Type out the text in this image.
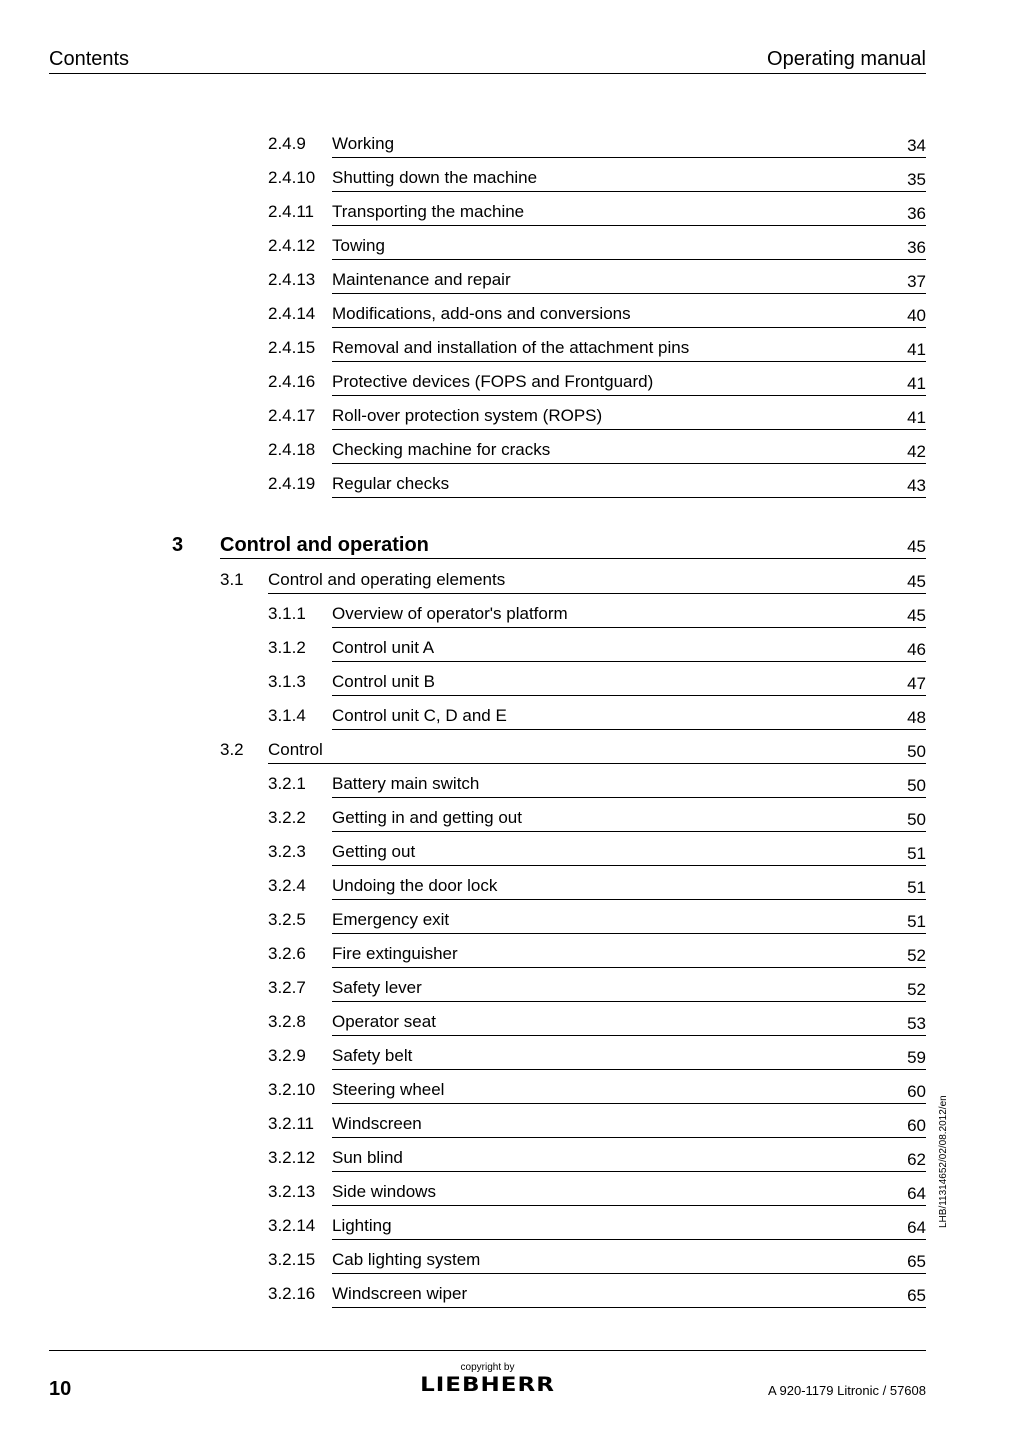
Contents	Operating manual
2.4.9 Working	34
2.4.10 Shutting down the machine	35
2.4.11 Transporting the machine	36
2.4.12 Towing	36
2.4.13 Maintenance and repair	37
2.4.14 Modifications, add-ons and conversions	40
2.4.15 Removal and installation of the attachment pins	41
2.4.16 Protective devices (FOPS and Frontguard)	41
2.4.17 Roll-over protection system (ROPS)	41
2.4.18 Checking machine for cracks	42
2.4.19 Regular checks	43
3 Control and operation	45
3.1 Control and operating elements	45
3.1.1 Overview of operator's platform	45
3.1.2 Control unit A	46
3.1.3 Control unit B	47
3.1.4 Control unit C, D and E	48
3.2 Control	50
3.2.1 Battery main switch	50
3.2.2 Getting in and getting out	50
3.2.3 Getting out	51
3.2.4 Undoing the door lock	51
3.2.5 Emergency exit	51
3.2.6 Fire extinguisher	52
3.2.7 Safety lever	52
3.2.8 Operator seat	53
3.2.9 Safety belt	59
3.2.10 Steering wheel	60
3.2.11 Windscreen	60
3.2.12 Sun blind	62
3.2.13 Side windows	64
3.2.14 Lighting	64
3.2.15 Cab lighting system	65
3.2.16 Windscreen wiper	65
LHB/11314652/02/08.2012/en
10
copyright by
LIEBHERR	A 920-1179 Litronic / 57608
